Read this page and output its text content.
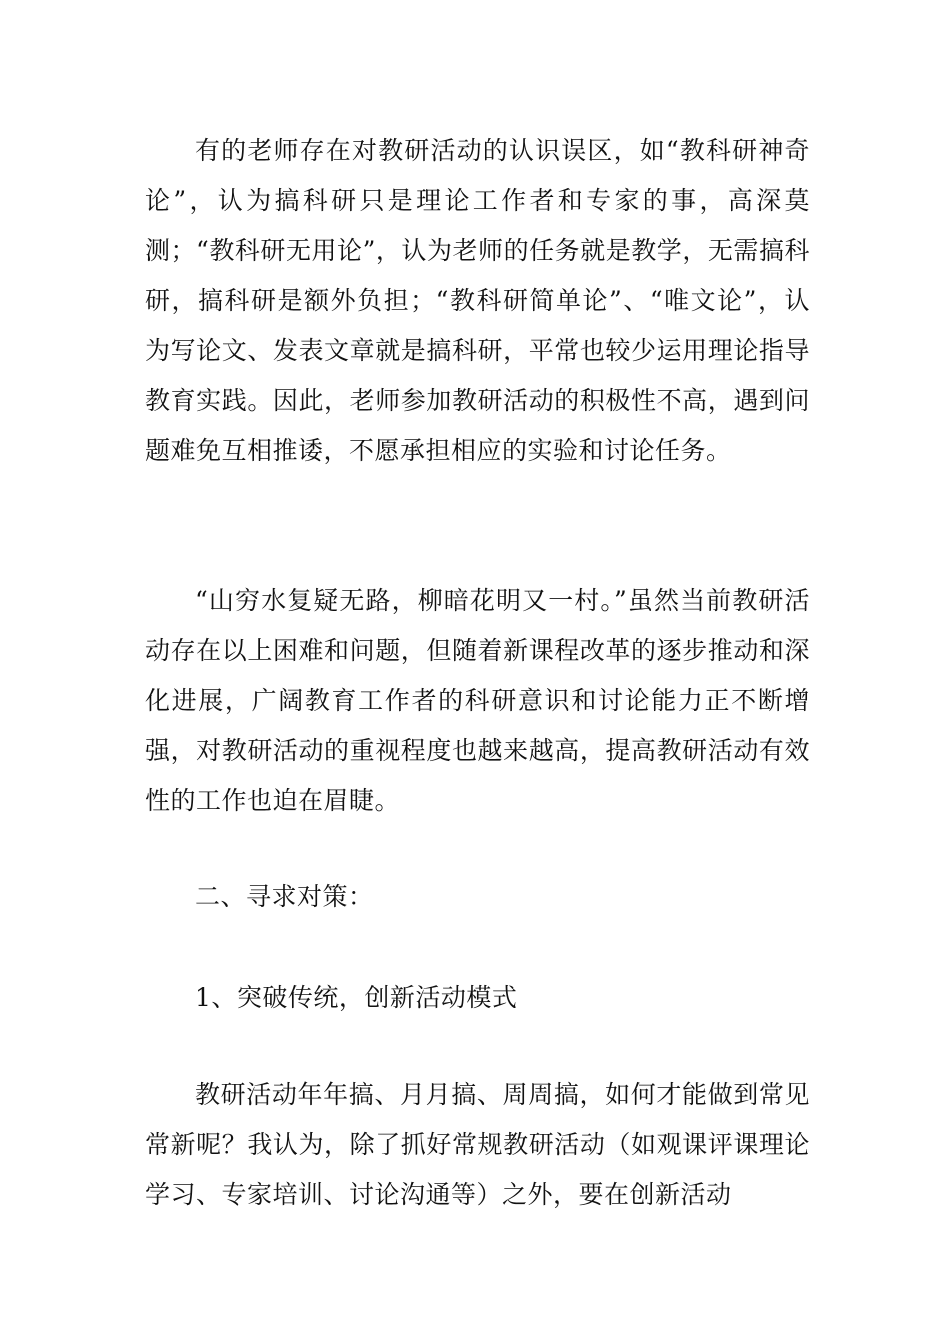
有的老师存在对教研活动的认识误区，如“教科研神奇论”，认为搞科研只是理论工作者和专家的事，高深莫测；“教科研无用论”，认为老师的任务就是教学，无需搞科研，搞科研是额外负担；“教科研简单论”、“唯文论”，认为写论文、发表文章就是搞科研，平常也较少运用理论指导教育实践。因此，老师参加教研活动的积极性不高，遇到问题难免互相推诿，不愿承担相应的实验和讨论任务。

“山穷水复疑无路，柳暗花明又一村。”虽然当前教研活动存在以上困难和问题，但随着新课程改革的逐步推动和深化进展，广阔教育工作者的科研意识和讨论能力正不断增强，对教研活动的重视程度也越来越高，提高教研活动有效性的工作也迫在眉睫。

二、寻求对策：

1、突破传统，创新活动模式

教研活动年年搞、月月搞、周周搞，如何才能做到常见常新呢？我认为，除了抓好常规教研活动（如观课评课理论学习、专家培训、讨论沟通等）之外，要在创新活动
